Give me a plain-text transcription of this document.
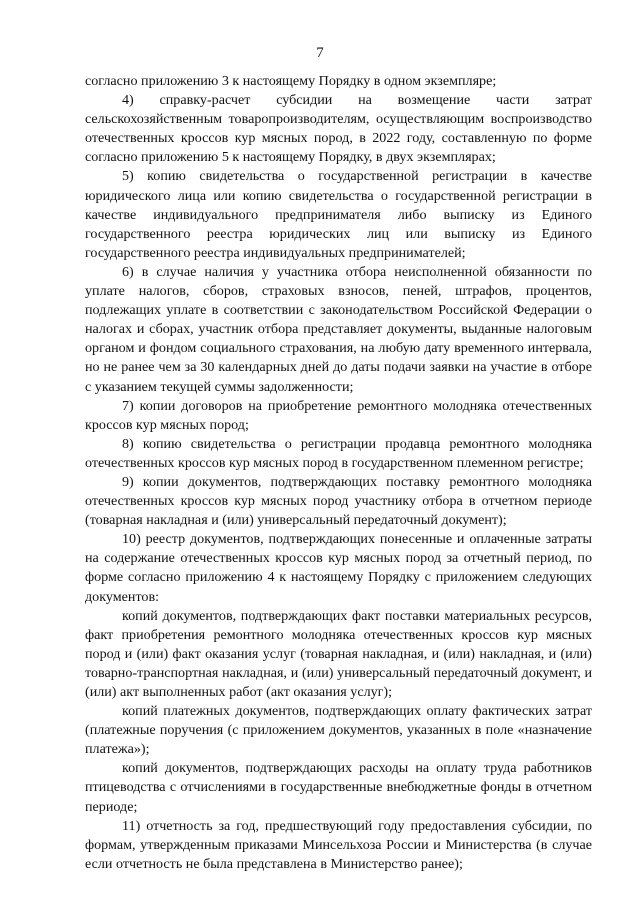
7

согласно приложению 3 к настоящему Порядку в одном экземпляре;

4) справку-расчет субсидии на возмещение части затрат сельскохозяйственным товаропроизводителям, осуществляющим воспроизводство отечественных кроссов кур мясных пород, в 2022 году, составленную по форме согласно приложению 5 к настоящему Порядку, в двух экземплярах;

5) копию свидетельства о государственной регистрации в качестве юридического лица или копию свидетельства о государственной регистрации в качестве индивидуального предпринимателя либо выписку из Единого государственного реестра юридических лиц или выписку из Единого государственного реестра индивидуальных предпринимателей;

6) в случае наличия у участника отбора неисполненной обязанности по уплате налогов, сборов, страховых взносов, пеней, штрафов, процентов, подлежащих уплате в соответствии с законодательством Российской Федерации о налогах и сборах, участник отбора представляет документы, выданные налоговым органом и фондом социального страхования, на любую дату временного интервала, но не ранее чем за 30 календарных дней до даты подачи заявки на участие в отборе с указанием текущей суммы задолженности;

7) копии договоров на приобретение ремонтного молодняка отечественных кроссов кур мясных пород;

8) копию свидетельства о регистрации продавца ремонтного молодняка отечественных кроссов кур мясных пород в государственном племенном регистре;

9) копии документов, подтверждающих поставку ремонтного молодняка отечественных кроссов кур мясных пород участнику отбора в отчетном периоде (товарная накладная и (или) универсальный передаточный документ);

10) реестр документов, подтверждающих понесенные и оплаченные затраты на содержание отечественных кроссов кур мясных пород за отчетный период, по форме согласно приложению 4 к настоящему Порядку с приложением следующих документов:

копий документов, подтверждающих факт поставки материальных ресурсов, факт приобретения ремонтного молодняка отечественных кроссов кур мясных пород и (или) факт оказания услуг (товарная накладная, и (или) накладная, и (или) товарно-транспортная накладная, и (или) универсальный передаточный документ, и (или) акт выполненных работ (акт оказания услуг);

копий платежных документов, подтверждающих оплату фактических затрат (платежные поручения (с приложением документов, указанных в поле «назначение платежа»);

копий документов, подтверждающих расходы на оплату труда работников птицеводства с отчислениями в государственные внебюджетные фонды в отчетном периоде;

11) отчетность за год, предшествующий году предоставления субсидии, по формам, утвержденным приказами Минсельхоза России и Министерства (в случае если отчетность не была представлена в Министерство ранее);
